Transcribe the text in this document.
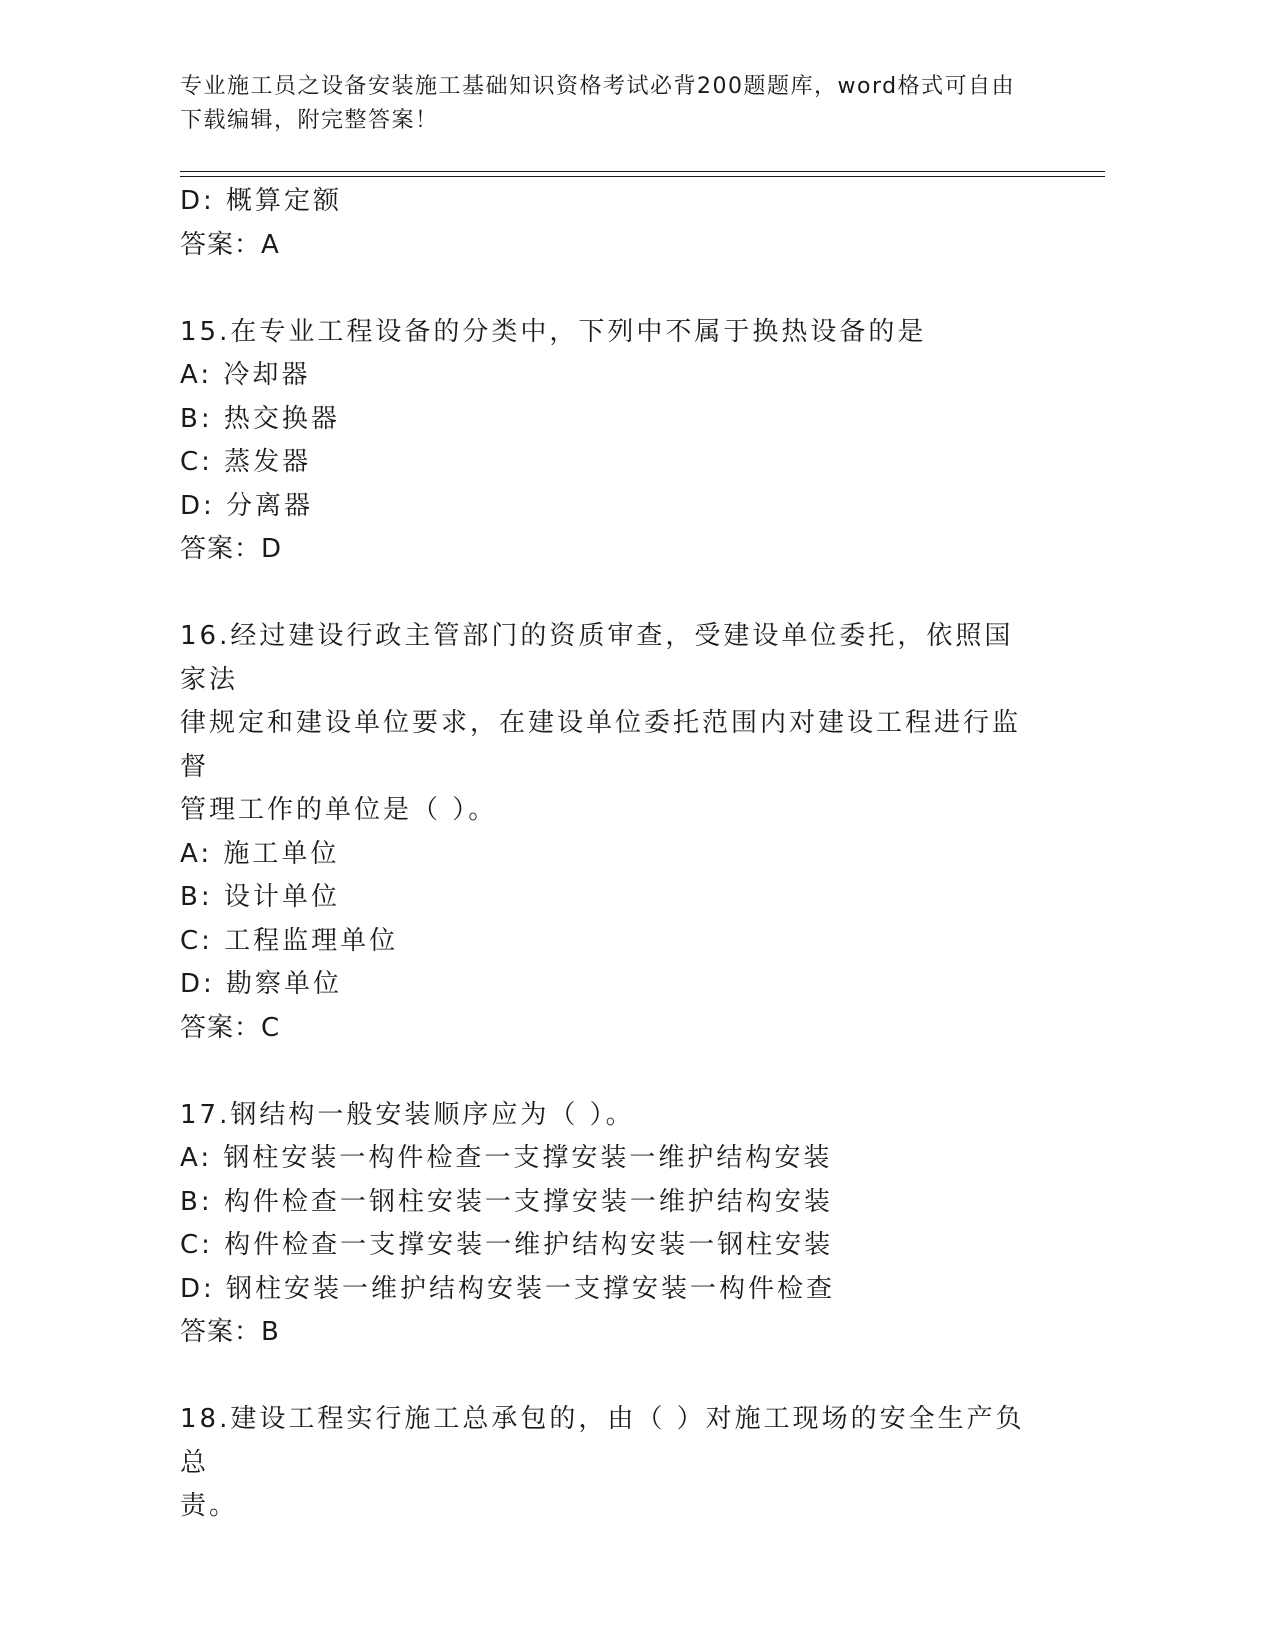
专业施工员之设备安装施工基础知识资格考试必背200题题库，word格式可自由
下载编辑，附完整答案！
D: 概算定额
答案：A
15.在专业工程设备的分类中，下列中不属于换热设备的是
A: 冷却器
B: 热交换器
C: 蒸发器
D: 分离器
答案：D
16.经过建设行政主管部门的资质审查，受建设单位委托，依照国家法
律规定和建设单位要求，在建设单位委托范围内对建设工程进行监督
管理工作的单位是（ ）。
A: 施工单位
B: 设计单位
C: 工程监理单位
D: 勘察单位
答案：C
17.钢结构一般安装顺序应为（ ）。
A: 钢柱安装一构件检查一支撑安装一维护结构安装
B: 构件检查一钢柱安装一支撑安装一维护结构安装
C: 构件检查一支撑安装一维护结构安装一钢柱安装
D: 钢柱安装一维护结构安装一支撑安装一构件检查
答案：B
18.建设工程实行施工总承包的，由（ ）对施工现场的安全生产负总
责。
